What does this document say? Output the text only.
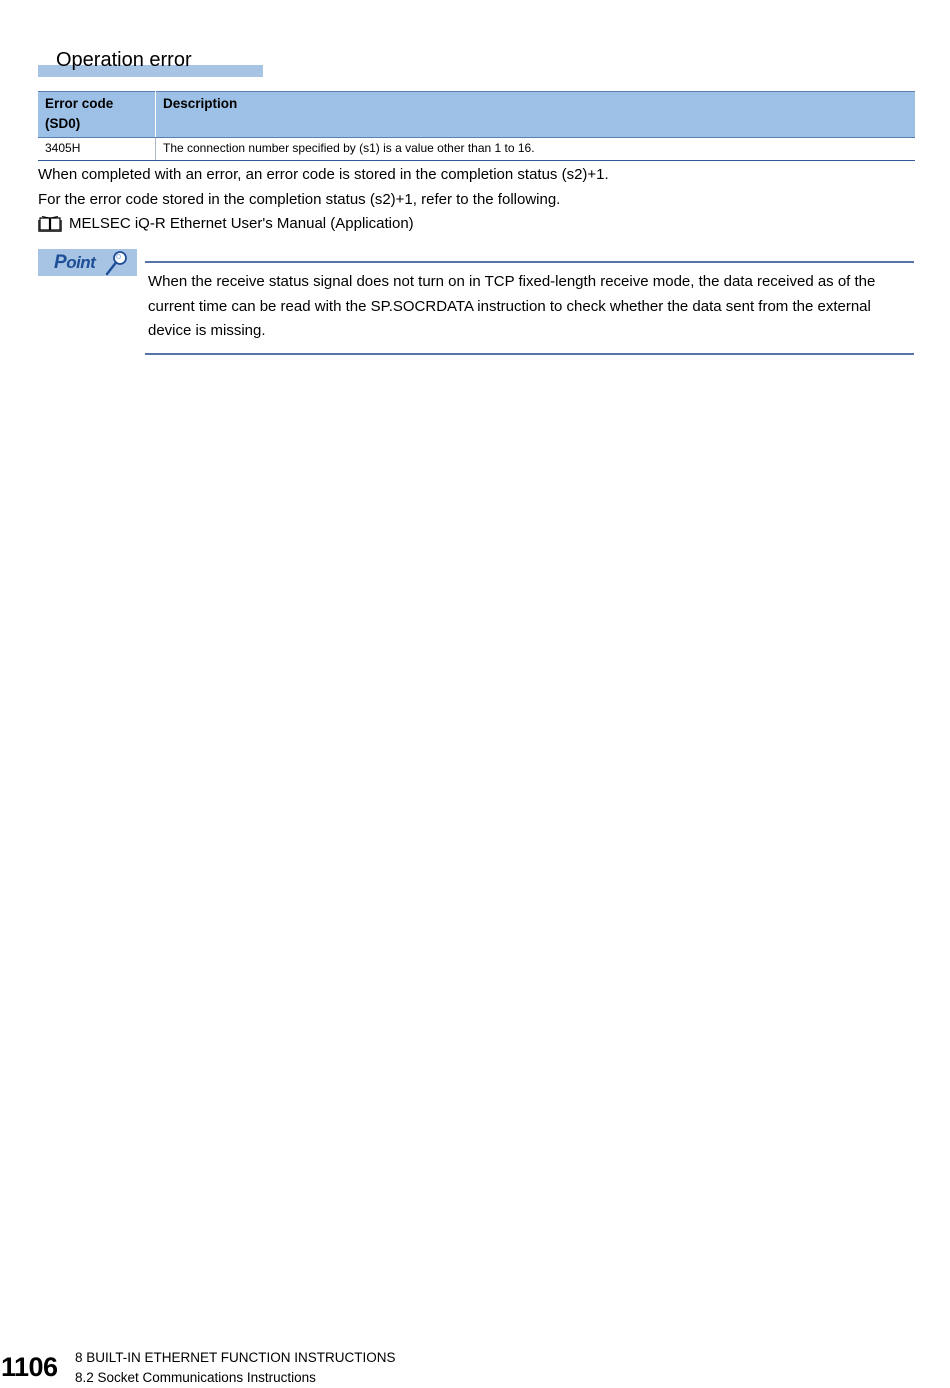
Operation error
Error code
(SD0)	Description
3405H	The connection number specified by (s1) is a value other than 1 to 16.
When completed with an error, an error code is stored in the completion status (s2)+1.
For the error code stored in the completion status (s2)+1, refer to the following.
MELSEC iQ-R Ethernet User's Manual (Application)
Point
When the receive status signal does not turn on in TCP fixed-length receive mode, the data received as of the current time can be read with the SP.SOCRDATA instruction to check whether the data sent from the external device is missing.
1106 8 BUILT-IN ETHERNET FUNCTION INSTRUCTIONS
8.2 Socket Communications Instructions
